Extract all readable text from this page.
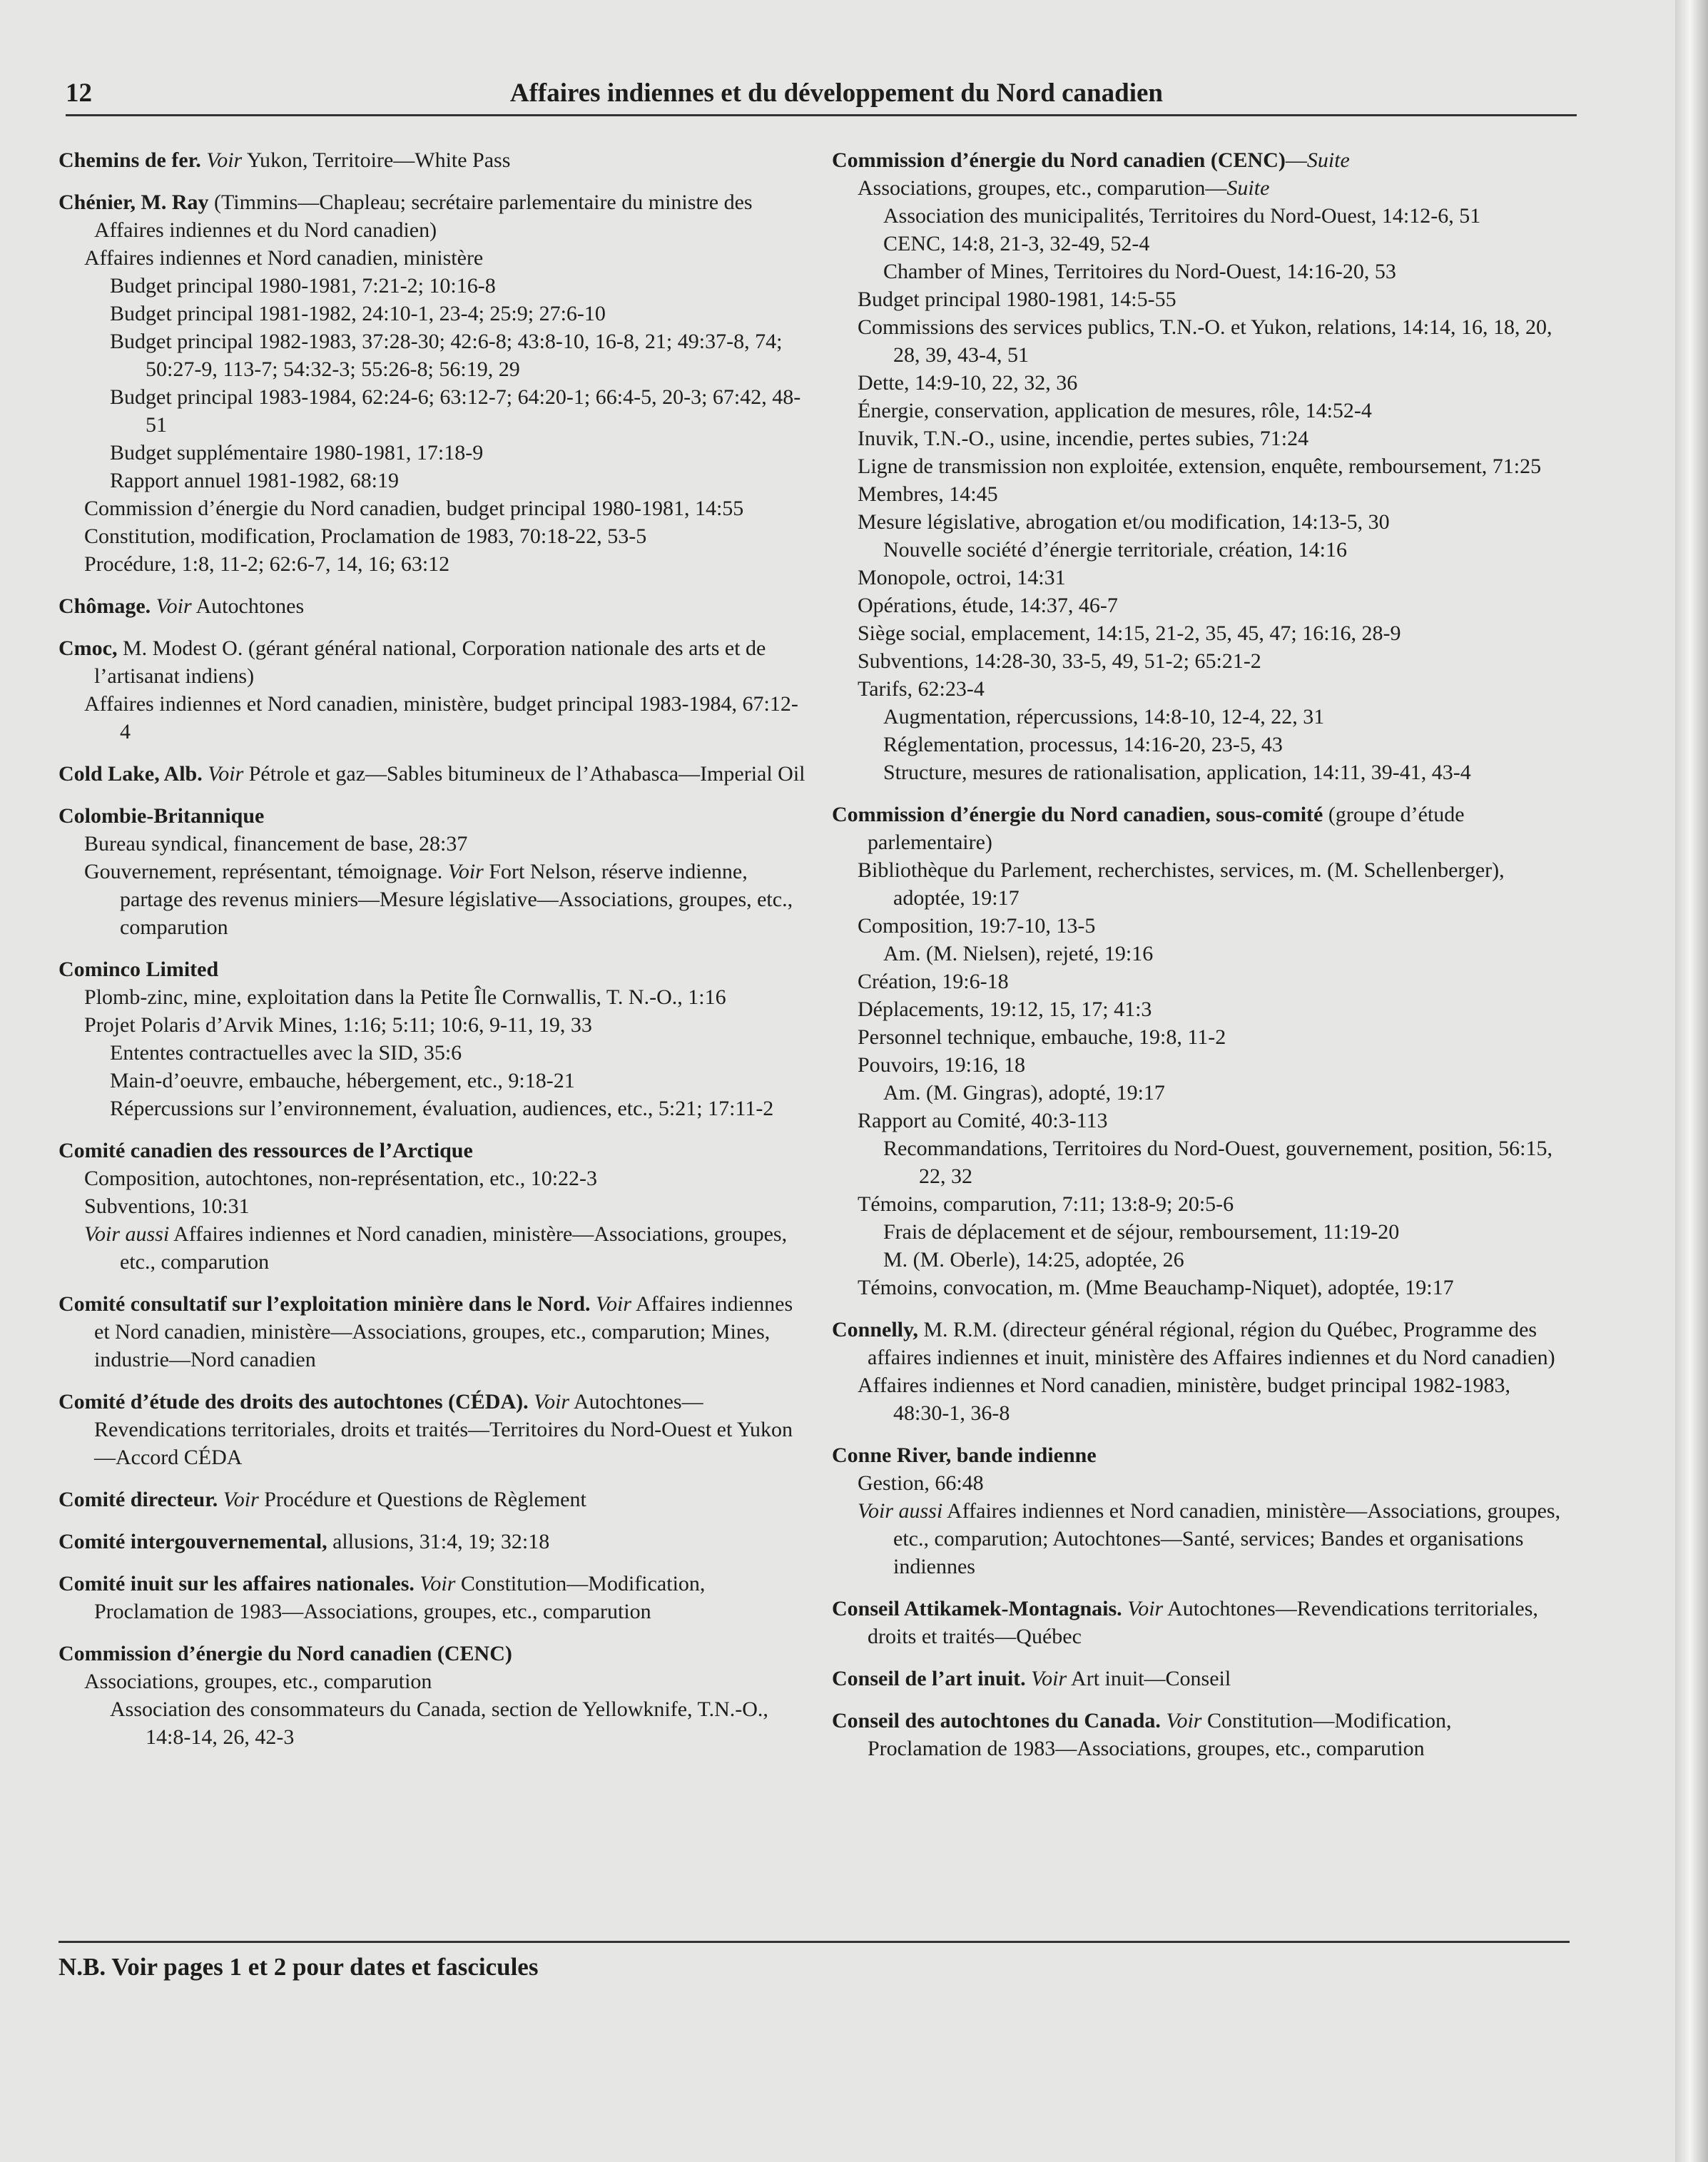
12	Affaires indiennes et du développement du Nord canadien
Chemins de fer. Voir Yukon, Territoire—White Pass
Chénier, M. Ray (Timmins—Chapleau; secrétaire parlementaire du ministre des Affaires indiennes et du Nord canadien)
Affaires indiennes et Nord canadien, ministère
Budget principal 1980-1981, 7:21-2; 10:16-8
Budget principal 1981-1982, 24:10-1, 23-4; 25:9; 27:6-10
Budget principal 1982-1983, 37:28-30; 42:6-8; 43:8-10, 16-8, 21; 49:37-8, 74; 50:27-9, 113-7; 54:32-3; 55:26-8; 56:19, 29
Budget principal 1983-1984, 62:24-6; 63:12-7; 64:20-1; 66:4-5, 20-3; 67:42, 48-51
Budget supplémentaire 1980-1981, 17:18-9
Rapport annuel 1981-1982, 68:19
Commission d’énergie du Nord canadien, budget principal 1980-1981, 14:55
Constitution, modification, Proclamation de 1983, 70:18-22, 53-5
Procédure, 1:8, 11-2; 62:6-7, 14, 16; 63:12
Chômage. Voir Autochtones
Cmoc, M. Modest O. (gérant général national, Corporation nationale des arts et de l’artisanat indiens)
Affaires indiennes et Nord canadien, ministère, budget principal 1983-1984, 67:12-4
Cold Lake, Alb. Voir Pétrole et gaz—Sables bitumineux de l’Athabasca—Imperial Oil
Colombie-Britannique
Bureau syndical, financement de base, 28:37
Gouvernement, représentant, témoignage. Voir Fort Nelson, réserve indienne, partage des revenus miniers—Mesure législative—Associations, groupes, etc., comparution
Cominco Limited
Plomb-zinc, mine, exploitation dans la Petite Île Cornwallis, T. N.-O., 1:16
Projet Polaris d’Arvik Mines, 1:16; 5:11; 10:6, 9-11, 19, 33
Ententes contractuelles avec la SID, 35:6
Main-d’oeuvre, embauche, hébergement, etc., 9:18-21
Répercussions sur l’environnement, évaluation, audiences, etc., 5:21; 17:11-2
Comité canadien des ressources de l’Arctique
Composition, autochtones, non-représentation, etc., 10:22-3
Subventions, 10:31
Voir aussi Affaires indiennes et Nord canadien, ministère—Associations, groupes, etc., comparution
Comité consultatif sur l’exploitation minière dans le Nord. Voir Affaires indiennes et Nord canadien, ministère—Associations, groupes, etc., comparution; Mines, industrie—Nord canadien
Comité d’étude des droits des autochtones (CÉDA). Voir Autochtones—Revendications territoriales, droits et traités—Territoires du Nord-Ouest et Yukon—Accord CÉDA
Comité directeur. Voir Procédure et Questions de Règlement
Comité intergouvernemental, allusions, 31:4, 19; 32:18
Comité inuit sur les affaires nationales. Voir Constitution—Modification, Proclamation de 1983—Associations, groupes, etc., comparution
Commission d’énergie du Nord canadien (CENC)
Associations, groupes, etc., comparution
Association des consommateurs du Canada, section de Yellowknife, T.N.-O., 14:8-14, 26, 42-3
Commission d’énergie du Nord canadien (CENC)—Suite
Associations, groupes, etc., comparution—Suite
Association des municipalités, Territoires du Nord-Ouest, 14:12-6, 51
CENC, 14:8, 21-3, 32-49, 52-4
Chamber of Mines, Territoires du Nord-Ouest, 14:16-20, 53
Budget principal 1980-1981, 14:5-55
Commissions des services publics, T.N.-O. et Yukon, relations, 14:14, 16, 18, 20, 28, 39, 43-4, 51
Dette, 14:9-10, 22, 32, 36
Énergie, conservation, application de mesures, rôle, 14:52-4
Inuvik, T.N.-O., usine, incendie, pertes subies, 71:24
Ligne de transmission non exploitée, extension, enquête, remboursement, 71:25
Membres, 14:45
Mesure législative, abrogation et/ou modification, 14:13-5, 30
Nouvelle société d’énergie territoriale, création, 14:16
Monopole, octroi, 14:31
Opérations, étude, 14:37, 46-7
Siège social, emplacement, 14:15, 21-2, 35, 45, 47; 16:16, 28-9
Subventions, 14:28-30, 33-5, 49, 51-2; 65:21-2
Tarifs, 62:23-4
Augmentation, répercussions, 14:8-10, 12-4, 22, 31
Réglementation, processus, 14:16-20, 23-5, 43
Structure, mesures de rationalisation, application, 14:11, 39-41, 43-4
Commission d’énergie du Nord canadien, sous-comité (groupe d’étude parlementaire)
Bibliothèque du Parlement, recherchistes, services, m. (M. Schellenberger), adoptée, 19:17
Composition, 19:7-10, 13-5
Am. (M. Nielsen), rejeté, 19:16
Création, 19:6-18
Déplacements, 19:12, 15, 17; 41:3
Personnel technique, embauche, 19:8, 11-2
Pouvoirs, 19:16, 18
Am. (M. Gingras), adopté, 19:17
Rapport au Comité, 40:3-113
Recommandations, Territoires du Nord-Ouest, gouvernement, position, 56:15, 22, 32
Témoins, comparution, 7:11; 13:8-9; 20:5-6
Frais de déplacement et de séjour, remboursement, 11:19-20
M. (M. Oberle), 14:25, adoptée, 26
Témoins, convocation, m. (Mme Beauchamp-Niquet), adoptée, 19:17
Connelly, M. R.M. (directeur général régional, région du Québec, Programme des affaires indiennes et inuit, ministère des Affaires indiennes et du Nord canadien)
Affaires indiennes et Nord canadien, ministère, budget principal 1982-1983, 48:30-1, 36-8
Conne River, bande indienne
Gestion, 66:48
Voir aussi Affaires indiennes et Nord canadien, ministère—Associations, groupes, etc., comparution; Autochtones—Santé, services; Bandes et organisations indiennes
Conseil Attikamek-Montagnais. Voir Autochtones—Revendications territoriales, droits et traités—Québec
Conseil de l’art inuit. Voir Art inuit—Conseil
Conseil des autochtones du Canada. Voir Constitution—Modification, Proclamation de 1983—Associations, groupes, etc., comparution
N.B. Voir pages 1 et 2 pour dates et fascicules
